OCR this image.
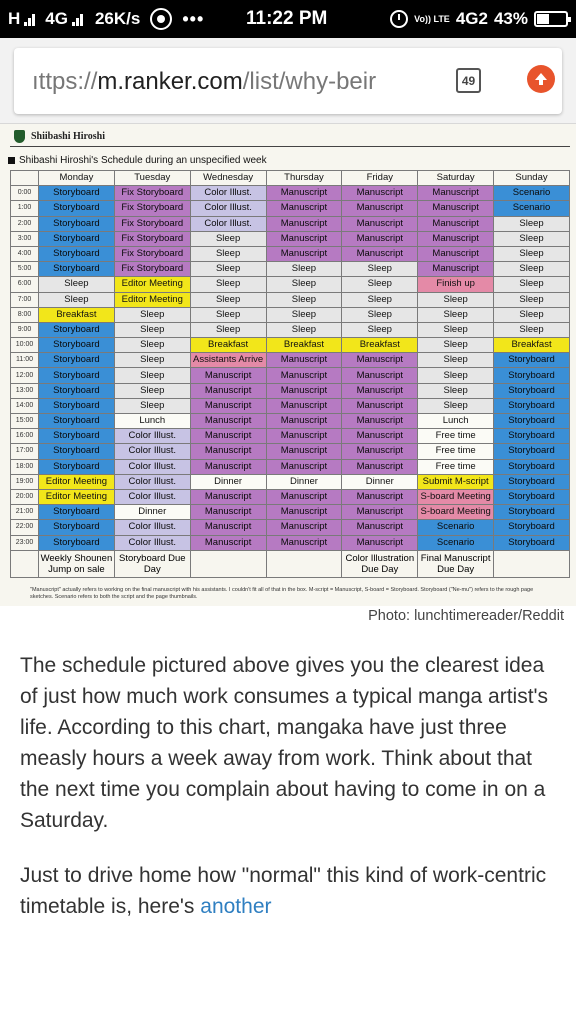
H 4G 26K/s ••• 11:22 PM	Vo)) LTE 4G2 43%
ıttps://m.ranker.com/list/why-beir	49
Shiibashi Hiroshi
Shibashi Hiroshi's Schedule during an unspecified week
	Monday	Tuesday	Wednesday	Thursday	Friday	Saturday	Sunday
0:00	Storyboard	Fix Storyboard	Color Illust.	Manuscript	Manuscript	Manuscript	Scenario
1:00	Storyboard	Fix Storyboard	Color Illust.	Manuscript	Manuscript	Manuscript	Scenario
2:00	Storyboard	Fix Storyboard	Color Illust.	Manuscript	Manuscript	Manuscript	Sleep
3:00	Storyboard	Fix Storyboard	Sleep	Manuscript	Manuscript	Manuscript	Sleep
4:00	Storyboard	Fix Storyboard	Sleep	Manuscript	Manuscript	Manuscript	Sleep
5:00	Storyboard	Fix Storyboard	Sleep	Sleep	Sleep	Manuscript	Sleep
6:00	Sleep	Editor Meeting	Sleep	Sleep	Sleep	Finish up	Sleep
7:00	Sleep	Editor Meeting	Sleep	Sleep	Sleep	Sleep	Sleep
8:00	Breakfast	Sleep	Sleep	Sleep	Sleep	Sleep	Sleep
9:00	Storyboard	Sleep	Sleep	Sleep	Sleep	Sleep	Sleep
10:00	Storyboard	Sleep	Breakfast	Breakfast	Breakfast	Sleep	Breakfast
11:00	Storyboard	Sleep	Assistants Arrive	Manuscript	Manuscript	Sleep	Storyboard
12:00	Storyboard	Sleep	Manuscript	Manuscript	Manuscript	Sleep	Storyboard
13:00	Storyboard	Sleep	Manuscript	Manuscript	Manuscript	Sleep	Storyboard
14:00	Storyboard	Sleep	Manuscript	Manuscript	Manuscript	Sleep	Storyboard
15:00	Storyboard	Lunch	Manuscript	Manuscript	Manuscript	Lunch	Storyboard
16:00	Storyboard	Color Illust.	Manuscript	Manuscript	Manuscript	Free time	Storyboard
17:00	Storyboard	Color Illust.	Manuscript	Manuscript	Manuscript	Free time	Storyboard
18:00	Storyboard	Color Illust.	Manuscript	Manuscript	Manuscript	Free time	Storyboard
19:00	Editor Meeting	Color Illust.	Dinner	Dinner	Dinner	Submit M-script	Storyboard
20:00	Editor Meeting	Color Illust.	Manuscript	Manuscript	Manuscript	S-board Meeting	Storyboard
21:00	Storyboard	Dinner	Manuscript	Manuscript	Manuscript	S-board Meeting	Storyboard
22:00	Storyboard	Color Illust.	Manuscript	Manuscript	Manuscript	Scenario	Storyboard
23:00	Storyboard	Color Illust.	Manuscript	Manuscript	Manuscript	Scenario	Storyboard
	Weekly Shounen Jump on sale	Storyboard Due Day			Color Illustration Due Day	Final Manuscript Due Day	
"Manuscript" actually refers to working on the final manuscript with his assistants. I couldn't fit all of that in the box. M-script = Manuscript, S-board = Storyboard. Storyboard ("Ne-mu") refers to the rough page sketches. Scenario refers to both the script and the page thumbnails.
Photo: lunchtimereader/Reddit

The schedule pictured above gives you the clearest idea of just how much work consumes a typical manga artist's life. According to this chart, mangaka have just three measly hours a week away from work. Think about that the next time you complain about having to come in on a Saturday.

Just to drive home how "normal" this kind of work-centric timetable is, here's another
